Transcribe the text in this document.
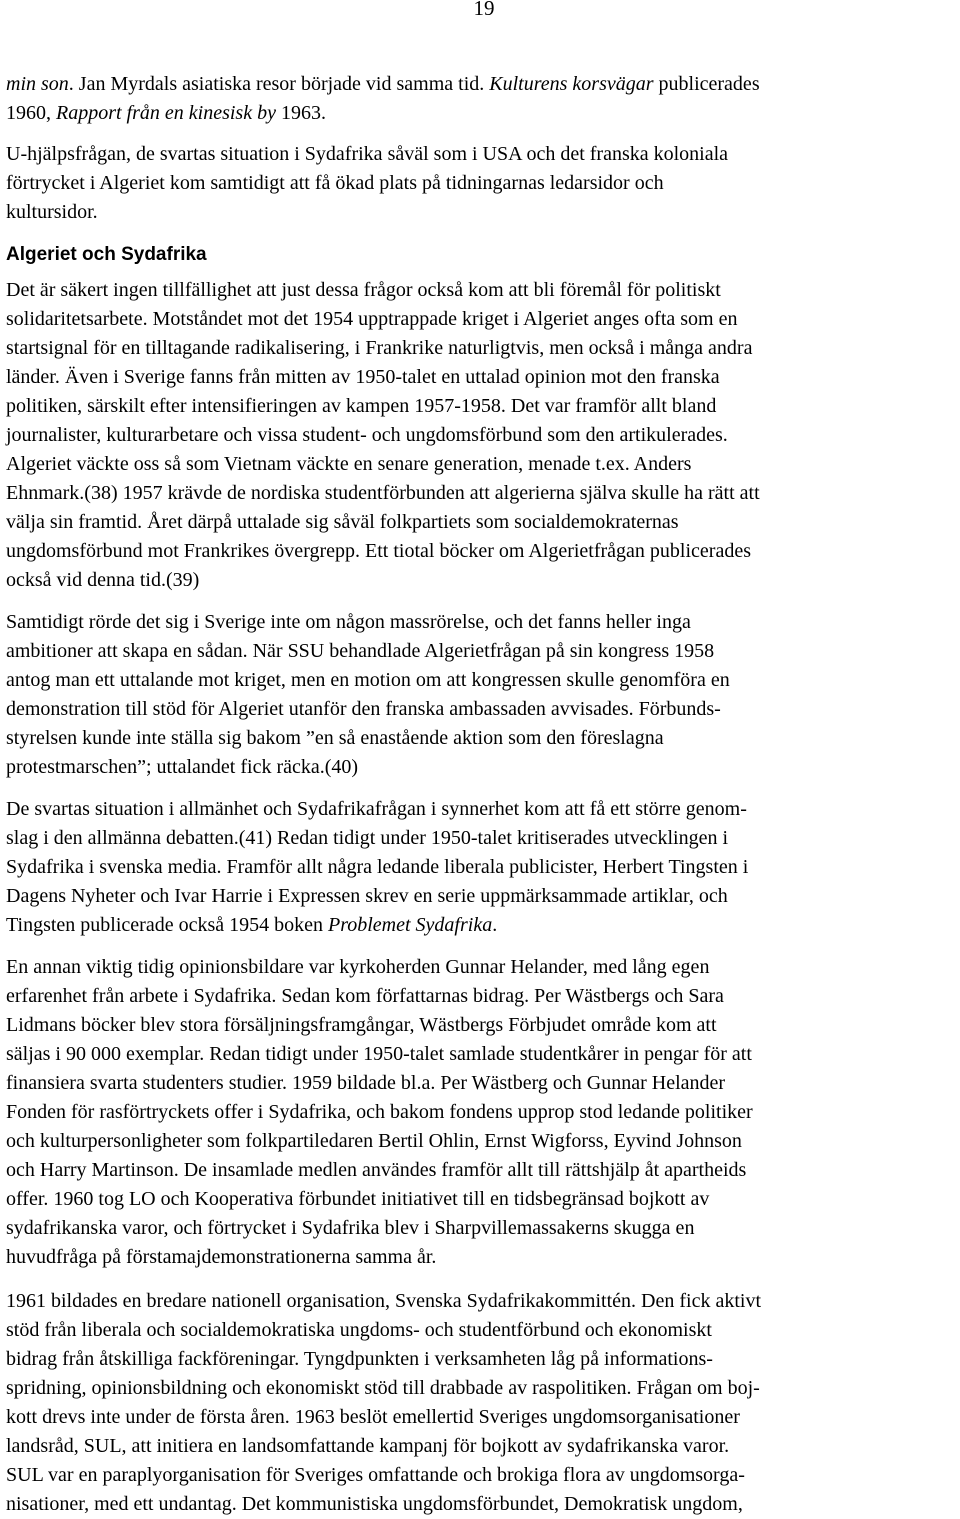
19
min son. Jan Myrdals asiatiska resor började vid samma tid. Kulturens korsvägar publicerades
1960, Rapport från en kinesisk by 1963.
U-hjälpsfrågan, de svartas situation i Sydafrika såväl som i USA och det franska koloniala
förtrycket i Algeriet kom samtidigt att få ökad plats på tidningarnas ledarsidor och
kultursidor.
Algeriet och Sydafrika
Det är säkert ingen tillfällighet att just dessa frågor också kom att bli föremål för politiskt
solidaritetsarbete. Motståndet mot det 1954 upptrappade kriget i Algeriet anges ofta som en
startsignal för en tilltagande radikalisering, i Frankrike naturligtvis, men också i många andra
länder. Även i Sverige fanns från mitten av 1950-talet en uttalad opinion mot den franska
politiken, särskilt efter intensifieringen av kampen 1957-1958. Det var framför allt bland
journalister, kulturarbetare och vissa student- och ungdomsförbund som den artikulerades.
Algeriet väckte oss så som Vietnam väckte en senare generation, menade t.ex. Anders
Ehnmark.(38) 1957 krävde de nordiska studentförbunden att algerierna själva skulle ha rätt att
välja sin framtid. Året därpå uttalade sig såväl folkpartiets som socialdemokraternas
ungdomsförbund mot Frankrikes övergrepp. Ett tiotal böcker om Algerietfrågan publicerades
också vid denna tid.(39)
Samtidigt rörde det sig i Sverige inte om någon massrörelse, och det fanns heller inga
ambitioner att skapa en sådan. När SSU behandlade Algerietfrågan på sin kongress 1958
antog man ett uttalande mot kriget, men en motion om att kongressen skulle genomföra en
demonstration till stöd för Algeriet utanför den franska ambassaden avvisades. Förbunds-
styrelsen kunde inte ställa sig bakom ”en så enastående aktion som den föreslagna
protestmarschen”; uttalandet fick räcka.(40)
De svartas situation i allmänhet och Sydafrikafrågan i synnerhet kom att få ett större genom-
slag i den allmänna debatten.(41) Redan tidigt under 1950-talet kritiserades utvecklingen i
Sydafrika i svenska media. Framför allt några ledande liberala publicister, Herbert Tingsten i
Dagens Nyheter och Ivar Harrie i Expressen skrev en serie uppmärksammade artiklar, och
Tingsten publicerade också 1954 boken Problemet Sydafrika.
En annan viktig tidig opinionsbildare var kyrkoherden Gunnar Helander, med lång egen
erfarenhet från arbete i Sydafrika. Sedan kom författarnas bidrag. Per Wästbergs och Sara
Lidmans böcker blev stora försäljningsframgångar, Wästbergs Förbjudet område kom att
säljas i 90 000 exemplar. Redan tidigt under 1950-talet samlade studentkårer in pengar för att
finansiera svarta studenters studier. 1959 bildade bl.a. Per Wästberg och Gunnar Helander
Fonden för rasförtryckets offer i Sydafrika, och bakom fondens upprop stod ledande politiker
och kulturpersonligheter som folkpartiledaren Bertil Ohlin, Ernst Wigforss, Eyvind Johnson
och Harry Martinson. De insamlade medlen användes framför allt till rättshjälp åt apartheids
offer. 1960 tog LO och Kooperativa förbundet initiativet till en tidsbegränsad bojkott av
sydafrikanska varor, och förtrycket i Sydafrika blev i Sharpvillemassakerns skugga en
huvudfråga på förstamajdemonstrationerna samma år.
1961 bildades en bredare nationell organisation, Svenska Sydafrikakommittén. Den fick aktivt
stöd från liberala och socialdemokratiska ungdoms- och studentförbund och ekonomiskt
bidrag från åtskilliga fackföreningar. Tyngdpunkten i verksamheten låg på informations-
spridning, opinionsbildning och ekonomiskt stöd till drabbade av raspolitiken. Frågan om boj-
kott drevs inte under de första åren. 1963 beslöt emellertid Sveriges ungdomsorganisationer
landsråd, SUL, att initiera en landsomfattande kampanj för bojkott av sydafrikanska varor.
SUL var en paraplyorganisation för Sveriges omfattande och brokiga flora av ungdomsorga-
nisationer, med ett undantag. Det kommunistiska ungdomsförbundet, Demokratisk ungdom,
